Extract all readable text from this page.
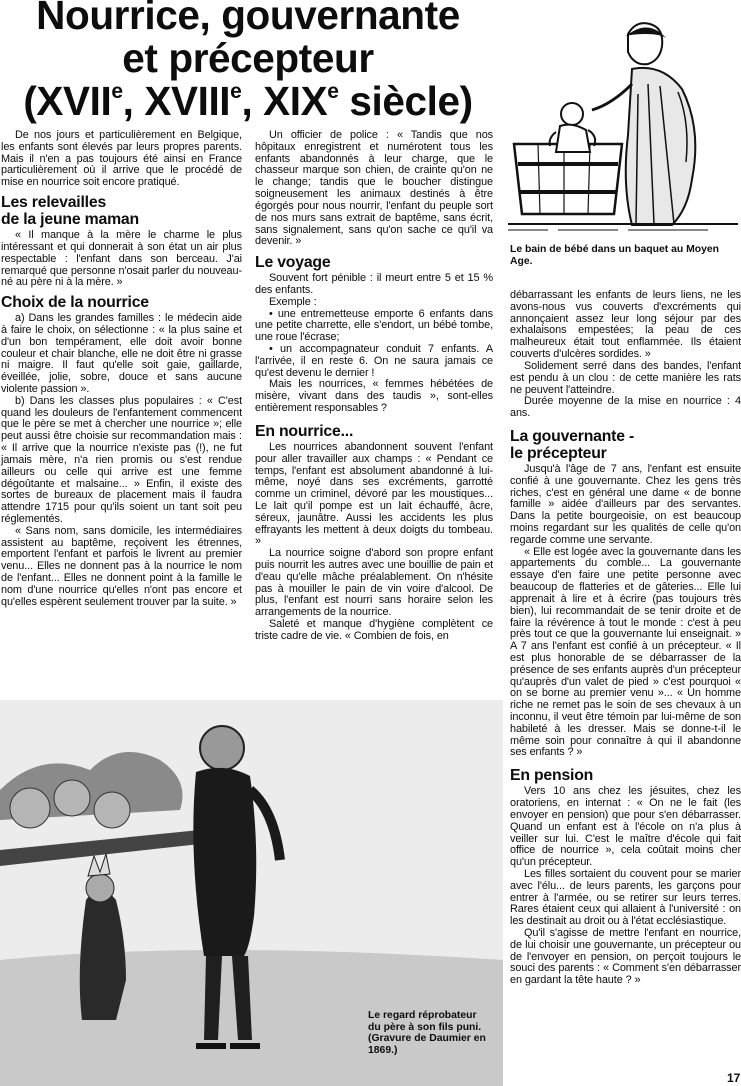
Nourrice, gouvernante
et précepteur
(XVIIe, XVIIIe, XIXe siècle)

De nos jours et particulièrement en Belgique, les enfants sont élevés par leurs propres parents. Mais il n'en a pas toujours été ainsi en France particulièrement où il arrive que le procédé de mise en nourrice soit encore pratiqué.

Les relevailles
de la jeune maman

« Il manque à la mère le charme le plus intéressant et qui donnerait à son état un air plus respectable : l'enfant dans son berceau. J'ai remarqué que personne n'osait parler du nouveau-né au père ni à la mère. »

Choix de la nourrice

a) Dans les grandes familles : le médecin aide à faire le choix, on sélectionne : « la plus saine et d'un bon tempérament, elle doit avoir bonne couleur et chair blanche, elle ne doit être ni grasse ni maigre. Il faut qu'elle soit gaie, gaillarde, éveillée, jolie, sobre, douce et sans aucune violente passion ».

b) Dans les classes plus populaires : « C'est quand les douleurs de l'enfantement commencent que le père se met à chercher une nourrice »; elle peut aussi être choisie sur recommandation mais : « Il arrive que la nourrice n'existe pas (!), ne fut jamais mère, n'a rien promis ou s'est rendue ailleurs ou celle qui arrive est une femme dégoûtante et malsaine... » Enfin, il existe des sortes de bureaux de placement mais il faudra attendre 1715 pour qu'ils soient un tant soit peu réglementés.

« Sans nom, sans domicile, les intermédiaires assistent au baptême, reçoivent les étrennes, emportent l'enfant et parfois le livrent au premier venu... Elles ne donnent pas à la nourrice le nom de l'enfant... Elles ne donnent point à la famille le nom d'une nourrice qu'elles n'ont pas encore et qu'elles espèrent seulement trouver par la suite. »

Un officier de police : « Tandis que nos hôpitaux enregistrent et numérotent tous les enfants abandonnés à leur charge, que le chasseur marque son chien, de crainte qu'on ne le change; tandis que le boucher distingue soigneusement les animaux destinés à être égorgés pour nous nourrir, l'enfant du peuple sort de nos murs sans extrait de baptême, sans écrit, sans signalement, sans qu'on sache ce qu'il va devenir. »

Le voyage

Souvent fort pénible : il meurt entre 5 et 15 % des enfants.

Exemple :

• une entremetteuse emporte 6 enfants dans une petite charrette, elle s'endort, un bébé tombe, une roue l'écrase;

• un accompagnateur conduit 7 enfants. A l'arrivée, il en reste 6. On ne saura jamais ce qu'est devenu le dernier !

Mais les nourrices, « femmes hébétées de misère, vivant dans des taudis », sont-elles entièrement responsables ?

En nourrice...

Les nourrices abandonnent souvent l'enfant pour aller travailler aux champs : « Pendant ce temps, l'enfant est absolument abandonné à lui-même, noyé dans ses excréments, garrotté comme un criminel, dévoré par les moustiques... Le lait qu'il pompe est un lait échauffé, âcre, séreux, jaunâtre. Aussi les accidents les plus effrayants les mettent à deux doigts du tombeau. »

La nourrice soigne d'abord son propre enfant puis nourrit les autres avec une bouillie de pain et d'eau qu'elle mâche préalablement. On n'hésite pas à mouiller le pain de vin voire d'alcool. De plus, l'enfant est nourri sans horaire selon les arrangements de la nourrice.

Saleté et manque d'hygiène complètent ce triste cadre de vie. « Combien de fois, en

Le bain de bébé dans un baquet au Moyen Age.

débarrassant les enfants de leurs liens, ne les avons-nous vus couverts d'excréments qui annonçaient assez leur long séjour par des exhalaisons empestées; la peau de ces malheureux était tout enflammée. Ils étaient couverts d'ulcères sordides. »

Solidement serré dans des bandes, l'enfant est pendu à un clou : de cette manière les rats ne peuvent l'atteindre.

Durée moyenne de la mise en nourrice : 4 ans.

La gouvernante -
le précepteur

Jusqu'à l'âge de 7 ans, l'enfant est ensuite confié à une gouvernante. Chez les gens très riches, c'est en général une dame « de bonne famille » aidée d'ailleurs par des servantes. Dans la petite bourgeoisie, on est beaucoup moins regardant sur les qualités de celle qu'on regarde comme une servante.

« Elle est logée avec la gouvernante dans les appartements du comble... La gouvernante essaye d'en faire une petite personne avec beaucoup de flatteries et de gâteries... Elle lui apprenait à lire et à écrire (pas toujours très bien), lui recommandait de se tenir droite et de faire la révérence à tout le monde : c'est à peu près tout ce que la gouvernante lui enseignait. » A 7 ans l'enfant est confié à un précepteur. « Il est plus honorable de se débarrasser de la présence de ses enfants auprès d'un précepteur qu'auprès d'un valet de pied » c'est pourquoi « on se borne au premier venu »... « Un homme riche ne remet pas le soin de ses chevaux à un inconnu, il veut être témoin par lui-même de son habileté à les dresser. Mais se donne-t-il le même soin pour connaître à qui il abandonne ses enfants ? »

En pension

Vers 10 ans chez les jésuites, chez les oratoriens, en internat : « On ne le fait (les envoyer en pension) que pour s'en débarrasser. Quand un enfant est à l'école on n'a plus à veiller sur lui. C'est le maître d'école qui fait office de nourrice », cela coûtait moins cher qu'un précepteur.

Les filles sortaient du couvent pour se marier avec l'élu... de leurs parents, les garçons pour entrer à l'armée, ou se retirer sur leurs terres. Rares étaient ceux qui allaient à l'université : on les destinait au droit ou à l'état ecclésiastique.

Qu'il s'agisse de mettre l'enfant en nourrice, de lui choisir une gouvernante, un précepteur ou de l'envoyer en pension, on perçoit toujours le souci des parents : « Comment s'en débarrasser en gardant la tête haute ? »

Le regard réprobateur du père à son fils puni. (Gravure de Daumier en 1869.)
17
